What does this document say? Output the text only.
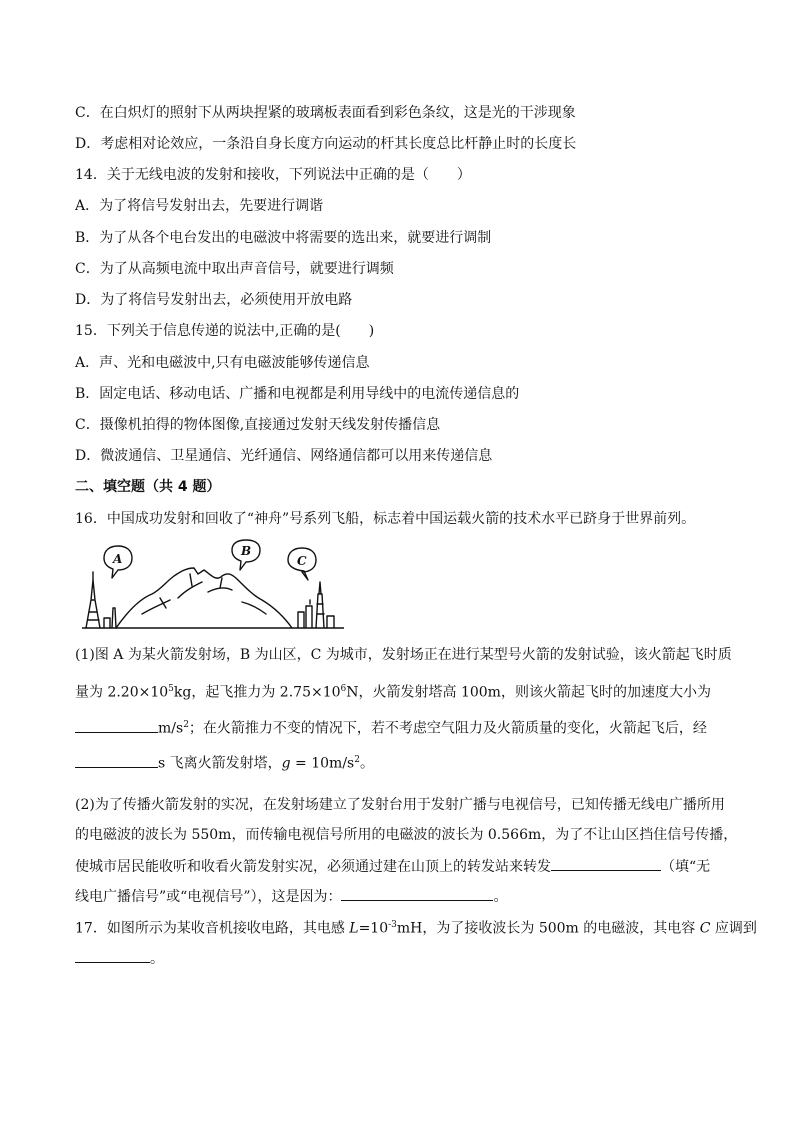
C．在白炽灯的照射下从两块捏紧的玻璃板表面看到彩色条纹，这是光的干涉现象
D．考虑相对论效应，一条沿自身长度方向运动的杆其长度总比杆静止时的长度长
14．关于无线电波的发射和接收，下列说法中正确的是（　　）
A．为了将信号发射出去，先要进行调谐
B．为了从各个电台发出的电磁波中将需要的选出来，就要进行调制
C．为了从高频电流中取出声音信号，就要进行调频
D．为了将信号发射出去，必须使用开放电路
15．下列关于信息传递的说法中,正确的是(　　)
A．声、光和电磁波中,只有电磁波能够传递信息
B．固定电话、移动电话、广播和电视都是利用导线中的电流传递信息的
C．摄像机拍得的物体图像,直接通过发射天线发射传播信息
D．微波通信、卫星通信、光纤通信、网络通信都可以用来传递信息
二、填空题（共 4 题）
16．中国成功发射和回收了“神舟”号系列飞船，标志着中国运载火箭的技术水平已跻身于世界前列。
A
B
C
(1)图 A 为某火箭发射场，B 为山区，C 为城市，发射场正在进行某型号火箭的发射试验，该火箭起飞时质
量为 $2.20\times 10^5kg$，起飞推力为 $2.75\times 10^6N$，火箭发射塔高 100m，则该火箭起飞时的加速度大小为
$m/s^2$；在火箭推力不变的情况下，若不考虑空气阻力及火箭质量的变化，火箭起飞后，经
s 飞离火箭发射塔，$g = 10m/s^2$。
(2)为了传播火箭发射的实况，在发射场建立了发射台用于发射广播与电视信号，已知传播无线电广播所用
的电磁波的波长为 550m，而传输电视信号所用的电磁波的波长为 0.566m，为了不让山区挡住信号传播，
使城市居民能收听和收看火箭发射实况，必须通过建在山顶上的转发站来转发	（填“无
线电广播信号”或“电视信号”），这是因为：	。
17．如图所示为某收音机接收电路，其电感 $L=10^{-3}mH$，为了接收波长为 500m 的电磁波，其电容 C 应调到
。
